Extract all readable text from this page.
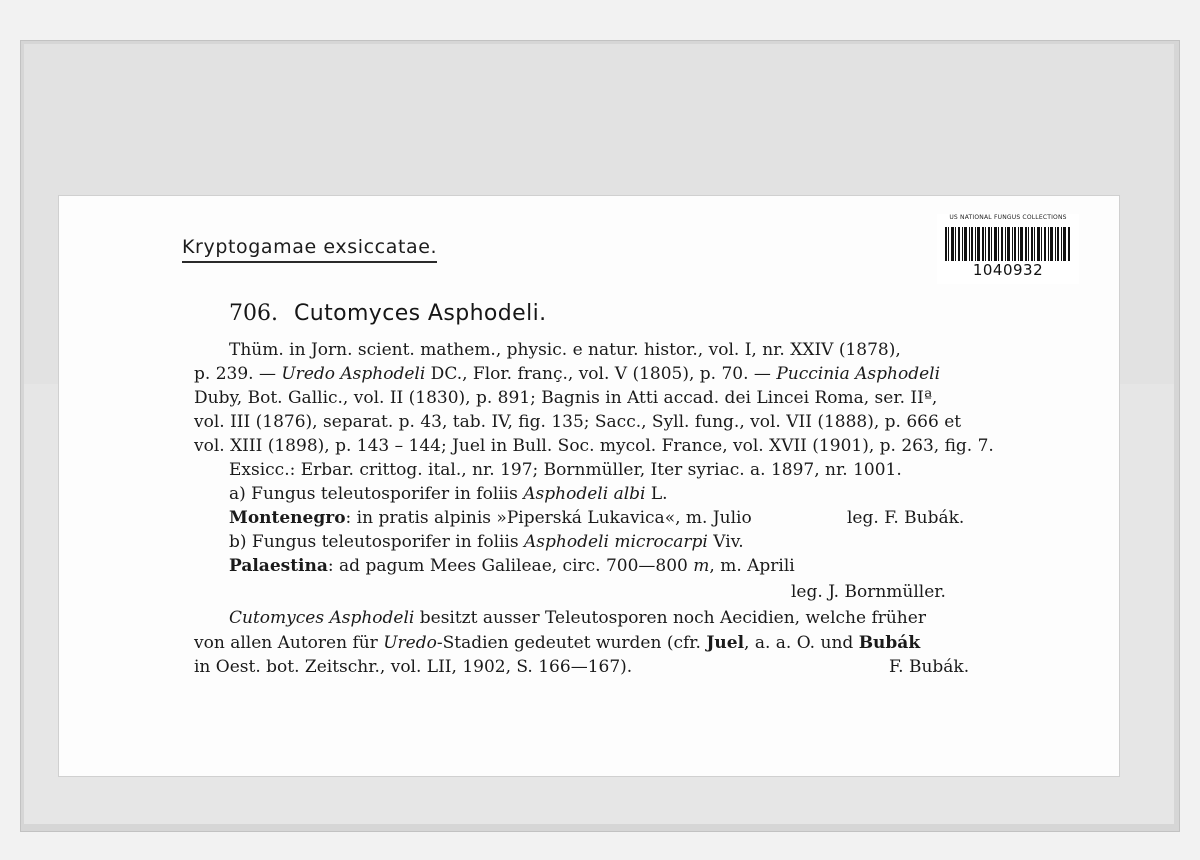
Kryptogamae exsiccatae.
US NATIONAL FUNGUS COLLECTIONS
1040932
706. Cutomyces Asphodeli.
Thüm. in Jorn. scient. mathem., physic. e natur. histor., vol. I, nr. XXIV (1878),
p. 239. — Uredo Asphodeli DC., Flor. franç., vol. V (1805), p. 70. — Puccinia Asphodeli
Duby, Bot. Gallic., vol. II (1830), p. 891; Bagnis in Atti accad. dei Lincei Roma, ser. IIª,
vol. III (1876), separat. p. 43, tab. IV, fig. 135; Sacc., Syll. fung., vol. VII (1888), p. 666 et
vol. XIII (1898), p. 143 – 144; Juel in Bull. Soc. mycol. France, vol. XVII (1901), p. 263, fig. 7.
Exsicc.: Erbar. crittog. ital., nr. 197; Bornmüller, Iter syriac. a. 1897, nr. 1001.
a) Fungus teleutosporifer in foliis Asphodeli albi L.
Montenegro: in pratis alpinis »Piperská Lukavica«, m. Julio	leg. F. Bubák.
b) Fungus teleutosporifer in foliis Asphodeli microcarpi Viv.
Palaestina: ad pagum Mees Galileae, circ. 700—800 m, m. Aprili
leg. J. Bornmüller.
Cutomyces Asphodeli besitzt ausser Teleutosporen noch Aecidien, welche früher
von allen Autoren für Uredo-Stadien gedeutet wurden (cfr. Juel, a. a. O. und Bubák
in Oest. bot. Zeitschr., vol. LII, 1902, S. 166—167).	F. Bubák.
